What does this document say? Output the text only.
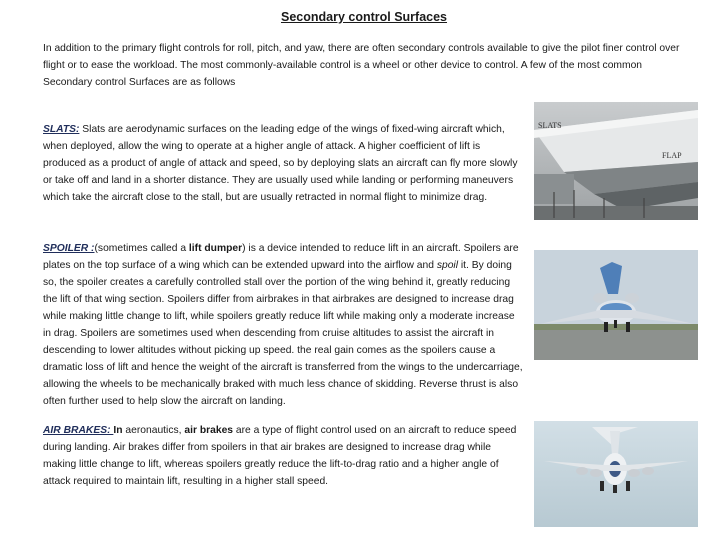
Secondary control Surfaces
In addition to the primary flight controls for roll, pitch, and yaw, there are often secondary controls available to give the pilot finer control over flight or to ease the workload. The most commonly-available control is a wheel or other device to control. A few of the most common Secondary control Surfaces are as follows
SLATS: Slats are aerodynamic surfaces on the leading edge of the wings of fixed-wing aircraft which, when deployed, allow the wing to operate at a higher angle of attack. A higher coefficient of lift is produced as a product of angle of attack and speed, so by deploying slats an aircraft can fly more slowly or take off and land in a shorter distance. They are usually used while landing or performing maneuvers which take the aircraft close to the stall, but are usually retracted in normal flight to minimize drag.
SLATS
FLAP
SPOILER :(sometimes called a lift dumper) is a device intended to reduce lift in an aircraft. Spoilers are plates on the top surface of a wing which can be extended upward into the airflow and spoil it. By doing so, the spoiler creates a carefully controlled stall over the portion of the wing behind it, greatly reducing the lift of that wing section. Spoilers differ from airbrakes in that airbrakes are designed to increase drag while making little change to lift, while spoilers greatly reduce lift while making only a moderate increase in drag. Spoilers are sometimes used when descending from cruise altitudes to assist the aircraft in descending to lower altitudes without picking up speed. the real gain comes as the spoilers cause a dramatic loss of lift and hence the weight of the aircraft is transferred from the wings to the undercarriage, allowing the wheels to be mechanically braked with much less chance of skidding. Reverse thrust is also often further used to help slow the aircraft on landing.
AIR BRAKES: In aeronautics, air brakes are a type of flight control used on an aircraft to reduce speed during landing. Air brakes differ from spoilers in that air brakes are designed to increase drag while making little change to lift, whereas spoilers greatly reduce the lift-to-drag ratio and a higher angle of attack required to maintain lift, resulting in a higher stall speed.
